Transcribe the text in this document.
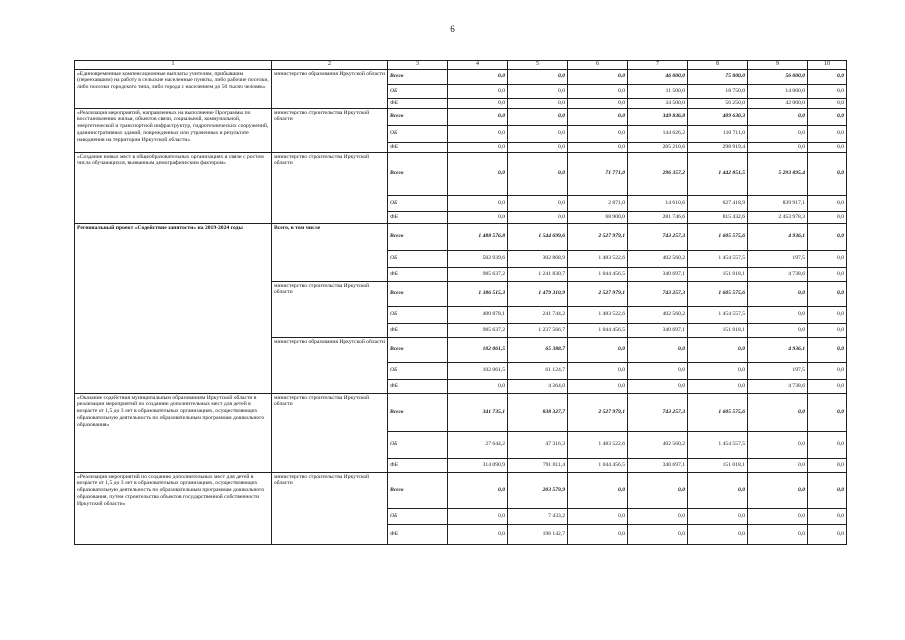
6
1	2	3	4	5	6	7	8	9	10
«Единовременные компенсационные выплаты учителям, прибывшим (переехавшим) на работу в сельские населенные пункты, либо рабочие поселки, либо поселки городского типа, либо города с населением до 50 тысяч человек»	министерство образования Иркутской области	Всего	0,0	0,0	0,0	46 000,0	75 000,0	56 000,0	0,0
		ОБ	0,0	0,0	0,0	11 500,0	18 750,0	14 000,0	0,0
		ФБ	0,0	0,0	0,0	34 500,0	56 250,0	42 000,0	0,0
«Реализация мероприятий, направленных на выполнение Программы по восстановлению жилья, объектов связи, социальной, коммунальной, энергетической и транспортной инфраструктур, гидротехнических сооружений, административных зданий, поврежденных или утраченных в результате наводнения на территории Иркутской области»	министерство строительства Иркутской области	Всего	0,0	0,0	0,0	349 836,8	409 630,3	0,0	0,0
		ОБ	0,0	0,0	0,0	144 626,2	110 711,0	0,0	0,0
		ФБ	0,0	0,0	0,0	205 210,6	298 919,4	0,0	0,0
«Создание новых мест в общеобразовательных организациях в связи с ростом числа обучающихся, вызванным демографическим фактором»	министерство строительства Иркутской области	Всего	0,0	0,0	71 771,0	296 357,2	1 442 851,5	5 293 895,4	0,0
		ОБ	0,0	0,0	2 871,0	14 610,6	627 418,9	839 917,1	0,0
		ФБ	0,0	0,0	68 900,0	281 746,6	815 432,6	2 453 978,3	0,0
Региональный проект «Содействие занятости» на 2019-2024 годы	Всего, в том числе	Всего	1 488 576,8	1 544 699,6	2 527 979,1	743 257,3	1 605 575,6	4 936,1	0,0
		ОБ	502 939,6	302 868,9	1 483 522,6	402 560,2	1 454 557,5	197,5	0,0
		ФБ	985 637,2	1 241 830,7	1 044 456,5	340 697,1	151 018,1	4 738,6	0,0
	министерство строительства Иркутской области	Всего	1 386 515,3	1 479 310,9	2 527 979,1	743 257,3	1 605 575,6	0,0	0,0
		ОБ	400 878,1	241 744,2	1 483 522,6	402 560,2	1 454 557,5	0,0	0,0
		ФБ	985 637,2	1 237 566,7	1 044 456,5	340 697,1	151 018,1	0,0	0,0
	министерство образования Иркутской области	Всего	102 061,5	65 388,7	0,0	0,0	0,0	4 936,1	0,0
		ОБ	102 061,5	61 124,7	0,0	0,0	0,0	197,5	0,0
		ФБ	0,0	4 264,0	0,0	0,0	0,0	4 738,6	0,0
«Оказание содействия муниципальным образованиям Иркутской области в реализации мероприятий по созданию дополнительных мест для детей в возрасте от 1,5 до 3 лет в образовательных организациях, осуществляющих образовательную деятельность по образовательным программам дошкольного образования»	министерство строительства Иркутской области	Всего	341 735,1	838 327,7	2 527 979,1	743 257,3	1 605 575,6	0,0	0,0
		ОБ	27 644,2	47 316,3	1 483 522,6	402 560,2	1 454 557,5	0,0	0,0
		ФБ	314 090,9	791 011,4	1 044 456,5	340 697,1	151 018,1	0,0	0,0
«Реализация мероприятий по созданию дополнительных мест для детей в возрасте от 1,5 до 3 лет в образовательных организациях, осуществляющих образовательную деятельность по образовательным программам дошкольного образования, путем строительства объектов государственной собственности Иркутской области»	министерство строительства Иркутской области	Всего	0,0	203 579,9	0,0	0,0	0,0	0,0	0,0
		ОБ	0,0	7 433,2	0,0	0,0	0,0	0,0	0,0
		ФБ	0,0	196 142,7	0,0	0,0	0,0	0,0	0,0
